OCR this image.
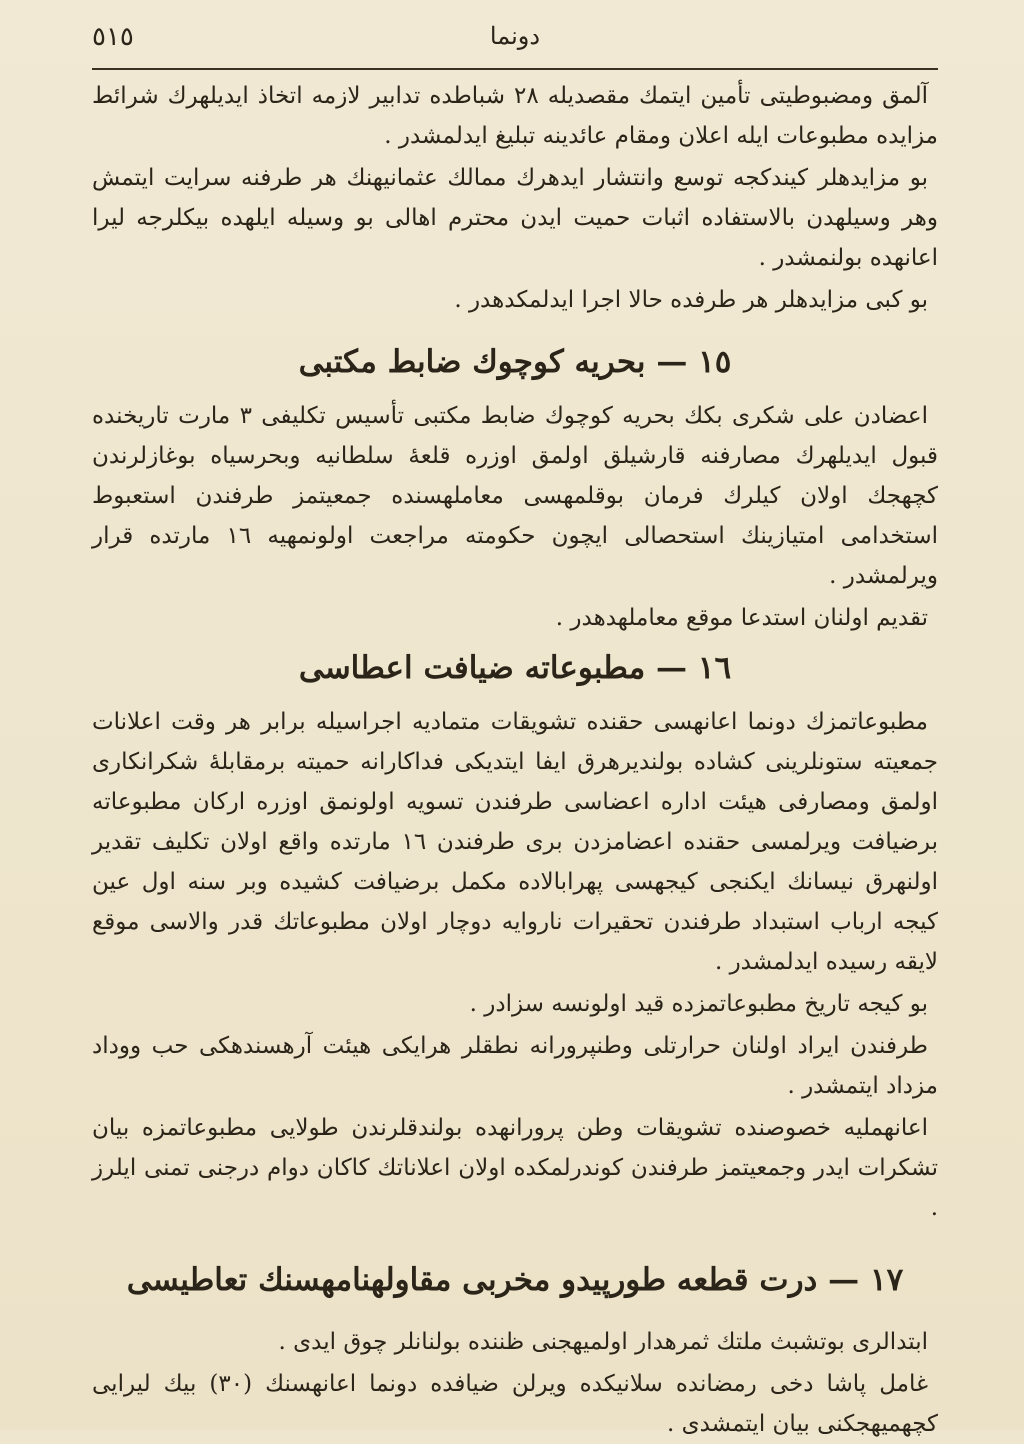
٥١٥	دونما

آلمق ومضبوطيتی تأمين ايتمك مقصديله ٢٨ شباطده تدابير لازمه اتخاذ ايديلهرك شرائط مزايده مطبوعات ايله اعلان ومقام عائدينه تبليغ ايدلمشدر .

بو مزايدهلر كيندكجه توسع وانتشار ايدهرك ممالك عثمانيهنك هر طرفنه سرايت ايتمش وهر وسيلهدن بالاستفاده اثبات حميت ايدن محترم اهالی بو وسيله ايلهده بيكلرجه ليرا اعانهده بولنمشدر .

بو كبی مزايدهلر هر طرفده حالا اجرا ايدلمكدهدر .

١٥ — بحريه كوچوك ضابط مكتبی

اعضادن علی شكری بكك بحريه كوچوك ضابط مكتبی تأسيس تكليفی ٣ مارت تاريخنده قبول ايديلهرك مصارفنه قارشيلق اولمق اوزره قلعهٔ سلطانيه وبحرسياه بوغازلرندن كچهجك اولان كيلرك فرمان بوقلمهسی معاملهسنده جمعيتمز طرفندن استعبوط استخدامی امتيازينك استحصالی ايچون حكومته مراجعت اولونمهيه ١٦ مارتده قرار ويرلمشدر .

تقديم اولنان استدعا موقع معاملهدهدر .

١٦ — مطبوعاته ضيافت اعطاسی

مطبوعاتمزك دونما اعانهسی حقنده تشويقات متماديه اجراسيله برابر هر وقت اعلانات جمعيته ستونلرينی كشاده بولنديرهرق ايفا ايتديكی فداكارانه حميته برمقابلهٔ شكرانكاری اولمق ومصارفی هيئت اداره اعضاسی طرفندن تسويه اولونمق اوزره اركان مطبوعاته برضيافت ويرلمسی حقنده اعضامزدن بری طرفندن ١٦ مارتده واقع اولان تكليف تقدير اولنهرق نيسانك ايكنجی كيجهسی پهرابالاده مكمل برضيافت كشيده وبر سنه اول عين كيجه ارباب استبداد طرفندن تحقيرات ناروايه دوچار اولان مطبوعاتك قدر والاسی موقع لايقه رسيده ايدلمشدر .

بو كيجه تاريخ مطبوعاتمزده قيد اولونسه سزادر .

طرفندن ايراد اولنان حرارتلی وطنپرورانه نطقلر هرايكی هيئت آرهسندهكی حب ووداد مزداد ايتمشدر .

اعانهمليه خصوصنده تشويقات وطن پرورانهده بولندقلرندن طولايی مطبوعاتمزه بيان تشكرات ايدر وجمعيتمز طرفندن كوندرلمكده اولان اعلاناتك كاكان دوام درجنی تمنی ايلرز .

١٧ — درت قطعه طورپيدو مخربی مقاولهنامهسنك تعاطيسی

ابتدالری بوتشبث ملتك ثمرهدار اولميهجنی ظننده بولنانلر چوق ايدی .

غامل پاشا دخی رمضانده سلانيكده ويرلن ضيافده دونما اعانهسنك (٣٠) بيك ليرايی كچهميهجكنی بيان ايتمشدی .
